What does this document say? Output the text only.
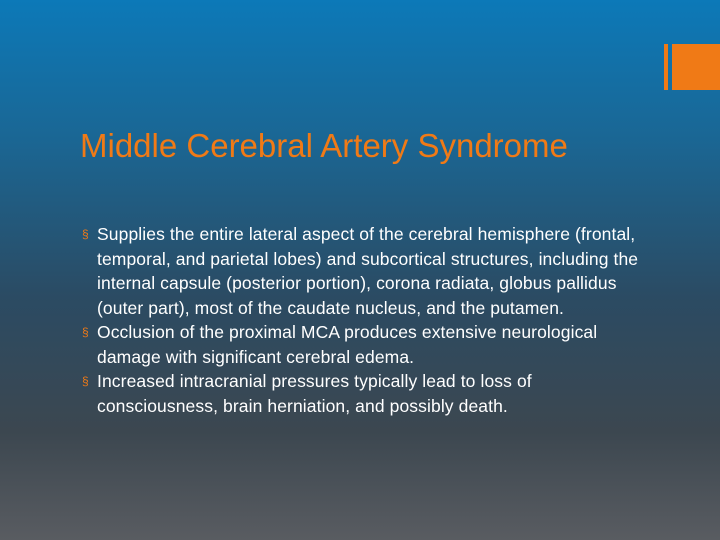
Middle Cerebral Artery Syndrome
§ Supplies the entire lateral aspect of the cerebral hemisphere (frontal, temporal, and parietal lobes) and subcortical structures, including the internal capsule (posterior portion), corona radiata, globus pallidus (outer part), most of the caudate nucleus, and the putamen.
§ Occlusion of the proximal MCA produces extensive neurological damage with significant cerebral edema.
§ Increased intracranial pressures typically lead to loss of consciousness, brain herniation, and possibly death.
